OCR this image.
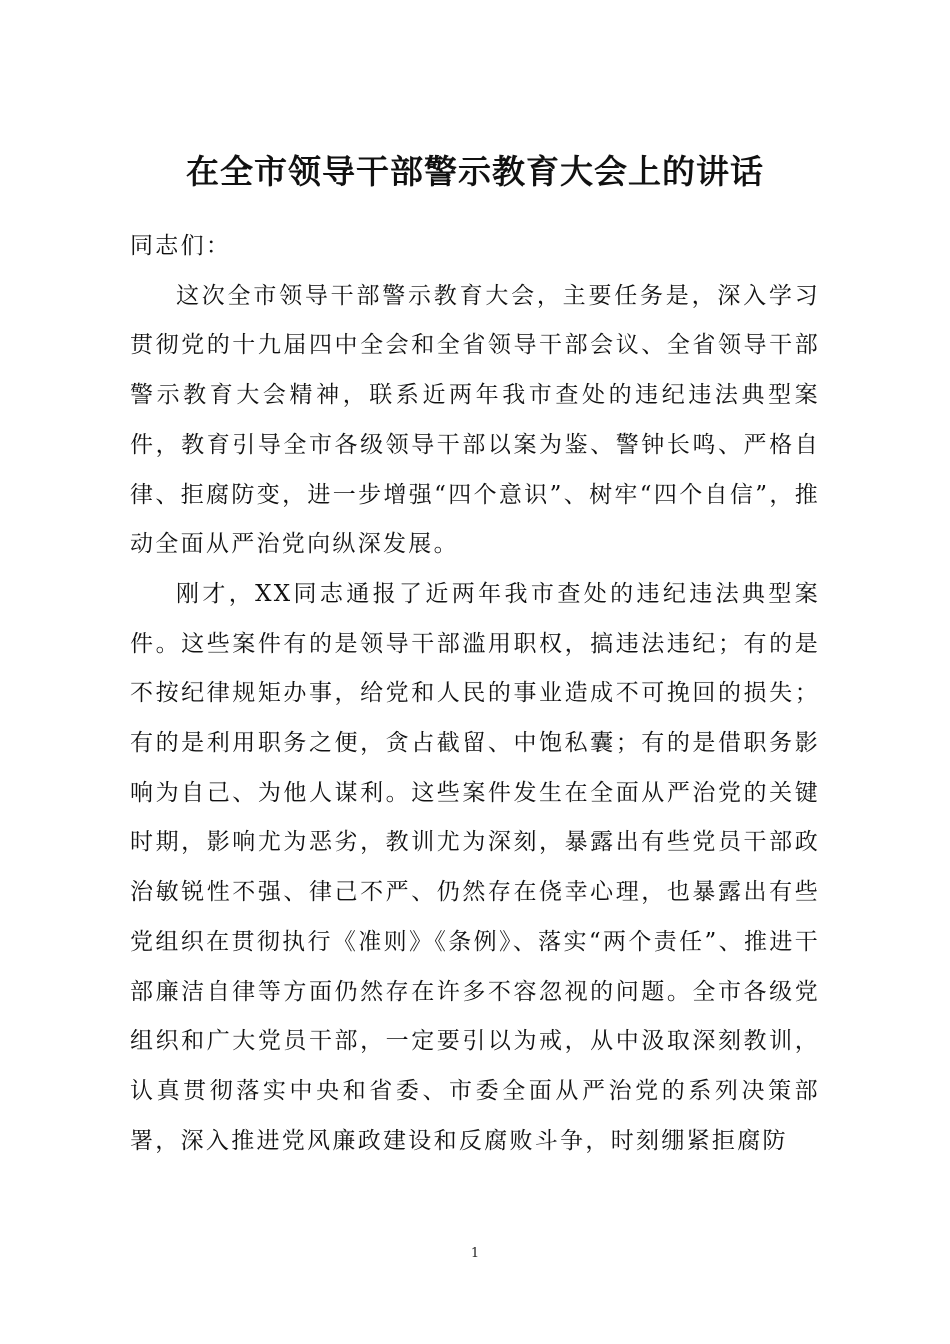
在全市领导干部警示教育大会上的讲话

同志们：

这次全市领导干部警示教育大会，主要任务是，深入学习贯彻党的十九届四中全会和全省领导干部会议、全省领导干部警示教育大会精神，联系近两年我市查处的违纪违法典型案件，教育引导全市各级领导干部以案为鉴、警钟长鸣、严格自律、拒腐防变，进一步增强“四个意识”、树牢“四个自信”，推动全面从严治党向纵深发展。

刚才，XX同志通报了近两年我市查处的违纪违法典型案件。这些案件有的是领导干部滥用职权，搞违法违纪；有的是不按纪律规矩办事，给党和人民的事业造成不可挽回的损失；有的是利用职务之便，贪占截留、中饱私囊；有的是借职务影响为自己、为他人谋利。这些案件发生在全面从严治党的关键时期，影响尤为恶劣，教训尤为深刻，暴露出有些党员干部政治敏锐性不强、律己不严、仍然存在侥幸心理，也暴露出有些党组织在贯彻执行《准则》《条例》、落实“两个责任”、推进干部廉洁自律等方面仍然存在许多不容忽视的问题。全市各级党组织和广大党员干部，一定要引以为戒，从中汲取深刻教训，认真贯彻落实中央和省委、市委全面从严治党的系列决策部署，深入推进党风廉政建设和反腐败斗争，时刻绷紧拒腐防

1
